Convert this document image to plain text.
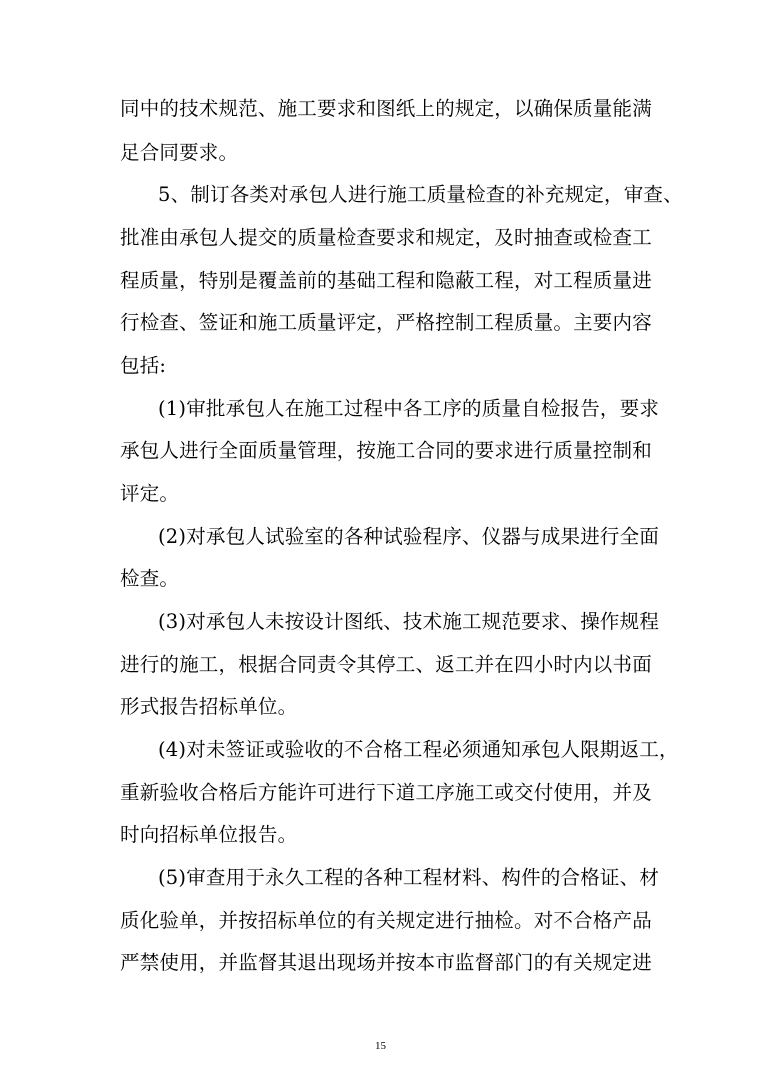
同中的技术规范、施工要求和图纸上的规定，以确保质量能满
足合同要求。
5、制订各类对承包人进行施工质量检查的补充规定，审查、
批准由承包人提交的质量检查要求和规定，及时抽查或检查工
程质量，特别是覆盖前的基础工程和隐蔽工程，对工程质量进
行检查、签证和施工质量评定，严格控制工程质量。主要内容
包括:
(1)审批承包人在施工过程中各工序的质量自检报告，要求
承包人进行全面质量管理，按施工合同的要求进行质量控制和
评定。
(2)对承包人试验室的各种试验程序、仪器与成果进行全面
检查。
(3)对承包人未按设计图纸、技术施工规范要求、操作规程
进行的施工，根据合同责令其停工、返工并在四小时内以书面
形式报告招标单位。
(4)对未签证或验收的不合格工程必须通知承包人限期返工，
重新验收合格后方能许可进行下道工序施工或交付使用，并及
时向招标单位报告。
(5)审查用于永久工程的各种工程材料、构件的合格证、材
质化验单，并按招标单位的有关规定进行抽检。对不合格产品
严禁使用，并监督其退出现场并按本市监督部门的有关规定进
15
